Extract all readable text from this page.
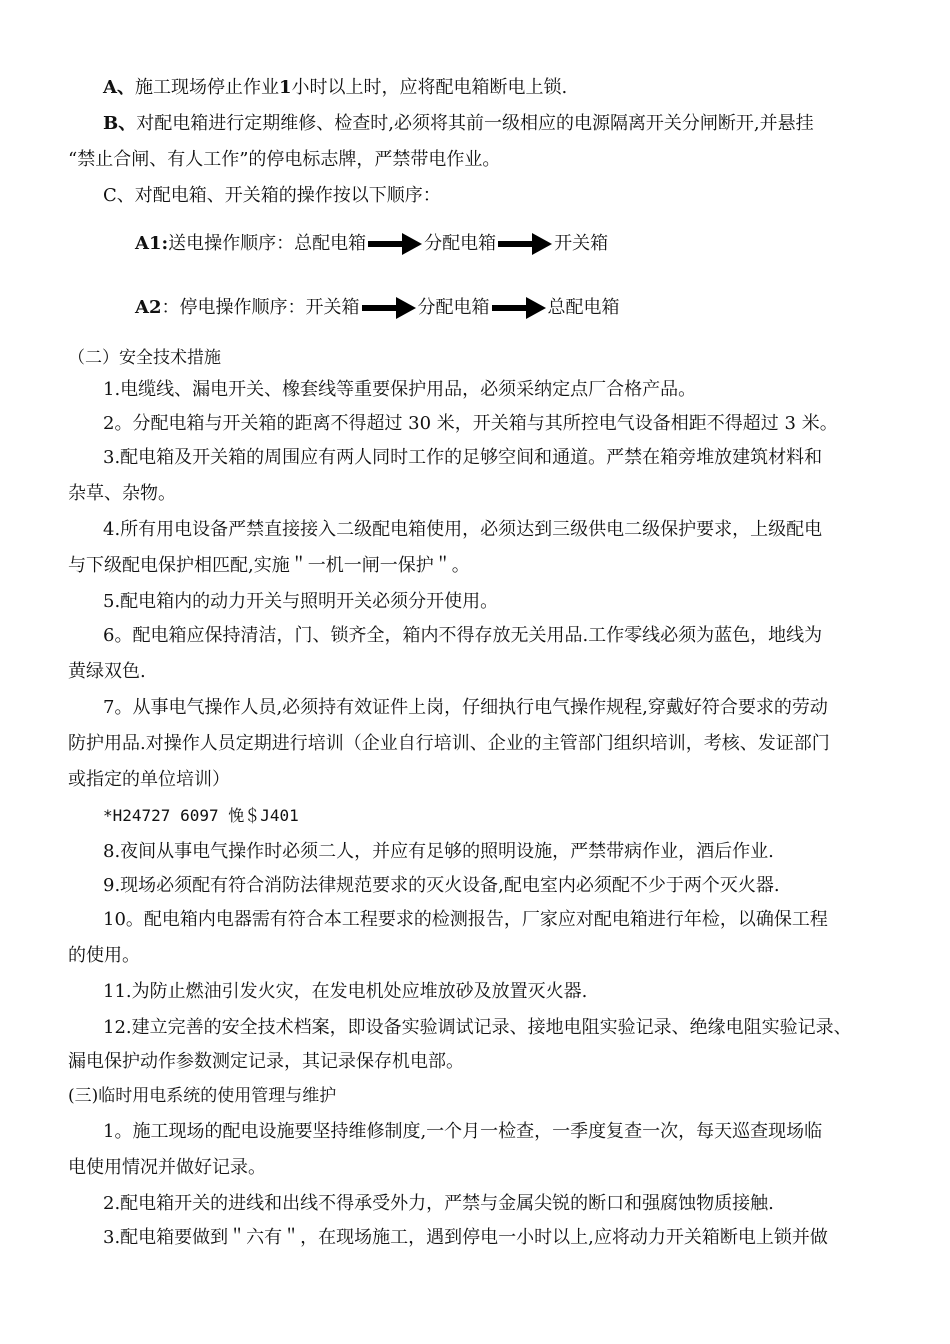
A、施工现场停止作业1小时以上时，应将配电箱断电上锁.
B、对配电箱进行定期维修、检查时,必须将其前一级相应的电源隔离开关分闸断开,并悬挂
“禁止合闸、有人工作”的停电标志牌，严禁带电作业。
C、对配电箱、开关箱的操作按以下顺序：
A1: 送电操作顺序： 总配电箱	分配电箱	开关箱
A2 ：停电操作顺序： 开关箱	分配电箱	总配电箱
（二）安全技术措施
1.电缆线、漏电开关、橡套线等重要保护用品，必须采纳定点厂合格产品。
2。分配电箱与开关箱的距离不得超过 30 米，开关箱与其所控电气设备相距不得超过 3 米。
3.配电箱及开关箱的周围应有两人同时工作的足够空间和通道。严禁在箱旁堆放建筑材料和
杂草、杂物。
4.所有用电设备严禁直接接入二级配电箱使用，必须达到三级供电二级保护要求，上级配电
与下级配电保护相匹配,实施＂一机一闸一保护＂。
5.配电箱内的动力开关与照明开关必须分开使用。
6。配电箱应保持清洁，门、锁齐全，箱内不得存放无关用品.工作零线必须为蓝色，地线为
黄绿双色.
7。从事电气操作人员,必须持有效证件上岗，仔细执行电气操作规程,穿戴好符合要求的劳动
防护用品.对操作人员定期进行培训（企业自行培训、企业的主管部门组织培训，考核、发证部门
或指定的单位培训）
*H24727 6097 悗＄J401
8.夜间从事电气操作时必须二人，并应有足够的照明设施，严禁带病作业，酒后作业.
9.现场必须配有符合消防法律规范要求的灭火设备,配电室内必须配不少于两个灭火器.
10。配电箱内电器需有符合本工程要求的检测报告，厂家应对配电箱进行年检，以确保工程
的使用。
11.为防止燃油引发火灾，在发电机处应堆放砂及放置灭火器.
12.建立完善的安全技术档案，即设备实验调试记录、接地电阻实验记录、绝缘电阻实验记录、
漏电保护动作参数测定记录，其记录保存机电部。
(三)临时用电系统的使用管理与维护
1。施工现场的配电设施要坚持维修制度,一个月一检查，一季度复查一次，每天巡查现场临
电使用情况并做好记录。
2.配电箱开关的进线和出线不得承受外力，严禁与金属尖锐的断口和强腐蚀物质接触.
3.配电箱要做到＂六有＂，在现场施工，遇到停电一小时以上,应将动力开关箱断电上锁并做
